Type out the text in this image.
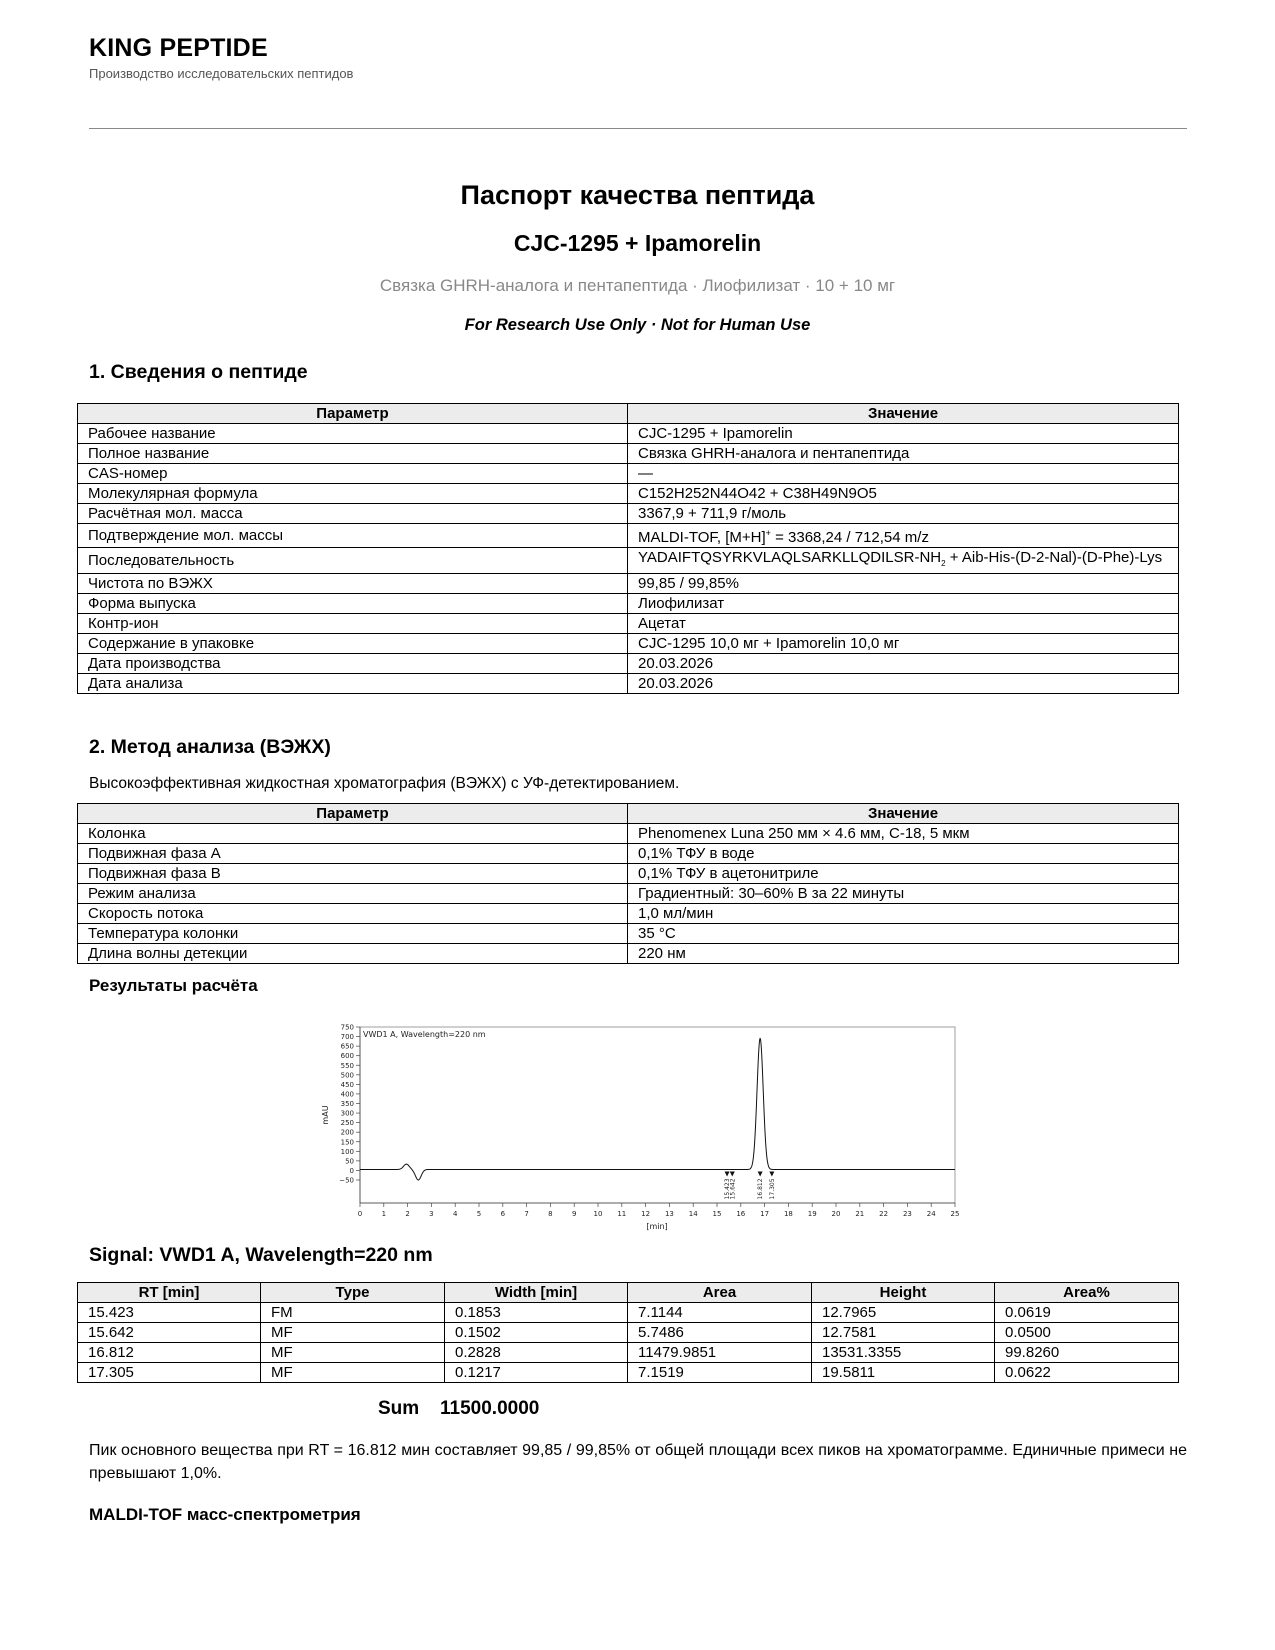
KING PEPTIDE
Производство исследовательских пептидов
Паспорт качества пептида
CJC-1295 + Ipamorelin
Связка GHRH-аналога и пентапептида · Лиофилизат · 10 + 10 мг
For Research Use Only · Not for Human Use
1. Сведения о пептиде
Параметр	Значение
Рабочее название	CJC-1295 + Ipamorelin
Полное название	Связка GHRH-аналога и пентапептида
CAS-номер	—
Молекулярная формула	C152H252N44O42 + C38H49N9O5
Расчётная мол. масса	3367,9 + 711,9 г/моль
Подтверждение мол. массы	MALDI-TOF, [M+H]+ = 3368,24 / 712,54 m/z
Последовательность	YADAIFTQSYRKVLAQLSARKLLQDILSR-$NH_2 + Aib-His-(D-2-Nal)-(D-Phe)-Lys$
Чистота по ВЭЖХ	99,85 / 99,85%
Форма выпуска	Лиофилизат
Контр-ион	Ацетат
Содержание в упаковке	CJC-1295 10,0 мг + Ipamorelin 10,0 мг
Дата производства	20.03.2026
Дата анализа	20.03.2026
2. Метод анализа (ВЭЖХ)
Высокоэффективная жидкостная хроматография (ВЭЖХ) с УФ-детектированием.
Параметр	Значение
Колонка	Phenomenex Luna 250 мм × 4.6 мм, C-18, 5 мкм
Подвижная фаза А	0,1% ТФУ в воде
Подвижная фаза В	0,1% ТФУ в ацетонитриле
Режим анализа	Градиентный: 30–60% В за 22 минуты
Скорость потока	1,0 мл/мин
Температура колонки	35 °С
Длина волны детекции	220 нм
Результаты расчёта
VWD1 A, Wavelength=220 nm
mAU
[min]
−50
0
50
100
150
200
250
300
350
400
450
500
550
600
650
700
750
0	1	2	3	4	5	6	7	8	9 10 11 12 13 14 15 16 17 18 19 20 21 22 23 24 25
15.423
15.642	16.812 17.305
Signal: VWD1 A, Wavelength=220 nm
RT [min]	Type	Width [min]	Area	Height	Area%
15.423	FM	0.1853	7.1144	12.7965	0.0619
15.642	MF	0.1502	5.7486	12.7581	0.0500
16.812	MF	0.2828	11479.9851	13531.3355	99.8260
17.305	MF	0.1217	7.1519	19.5811	0.0622
Sum 11500.0000
Пик основного вещества при RT = 16.812 мин составляет 99,85 / 99,85% от общей площади всех пиков на хроматограмме. Единичные примеси не превышают 1,0%.
MALDI-TOF масс-спектрометрия
